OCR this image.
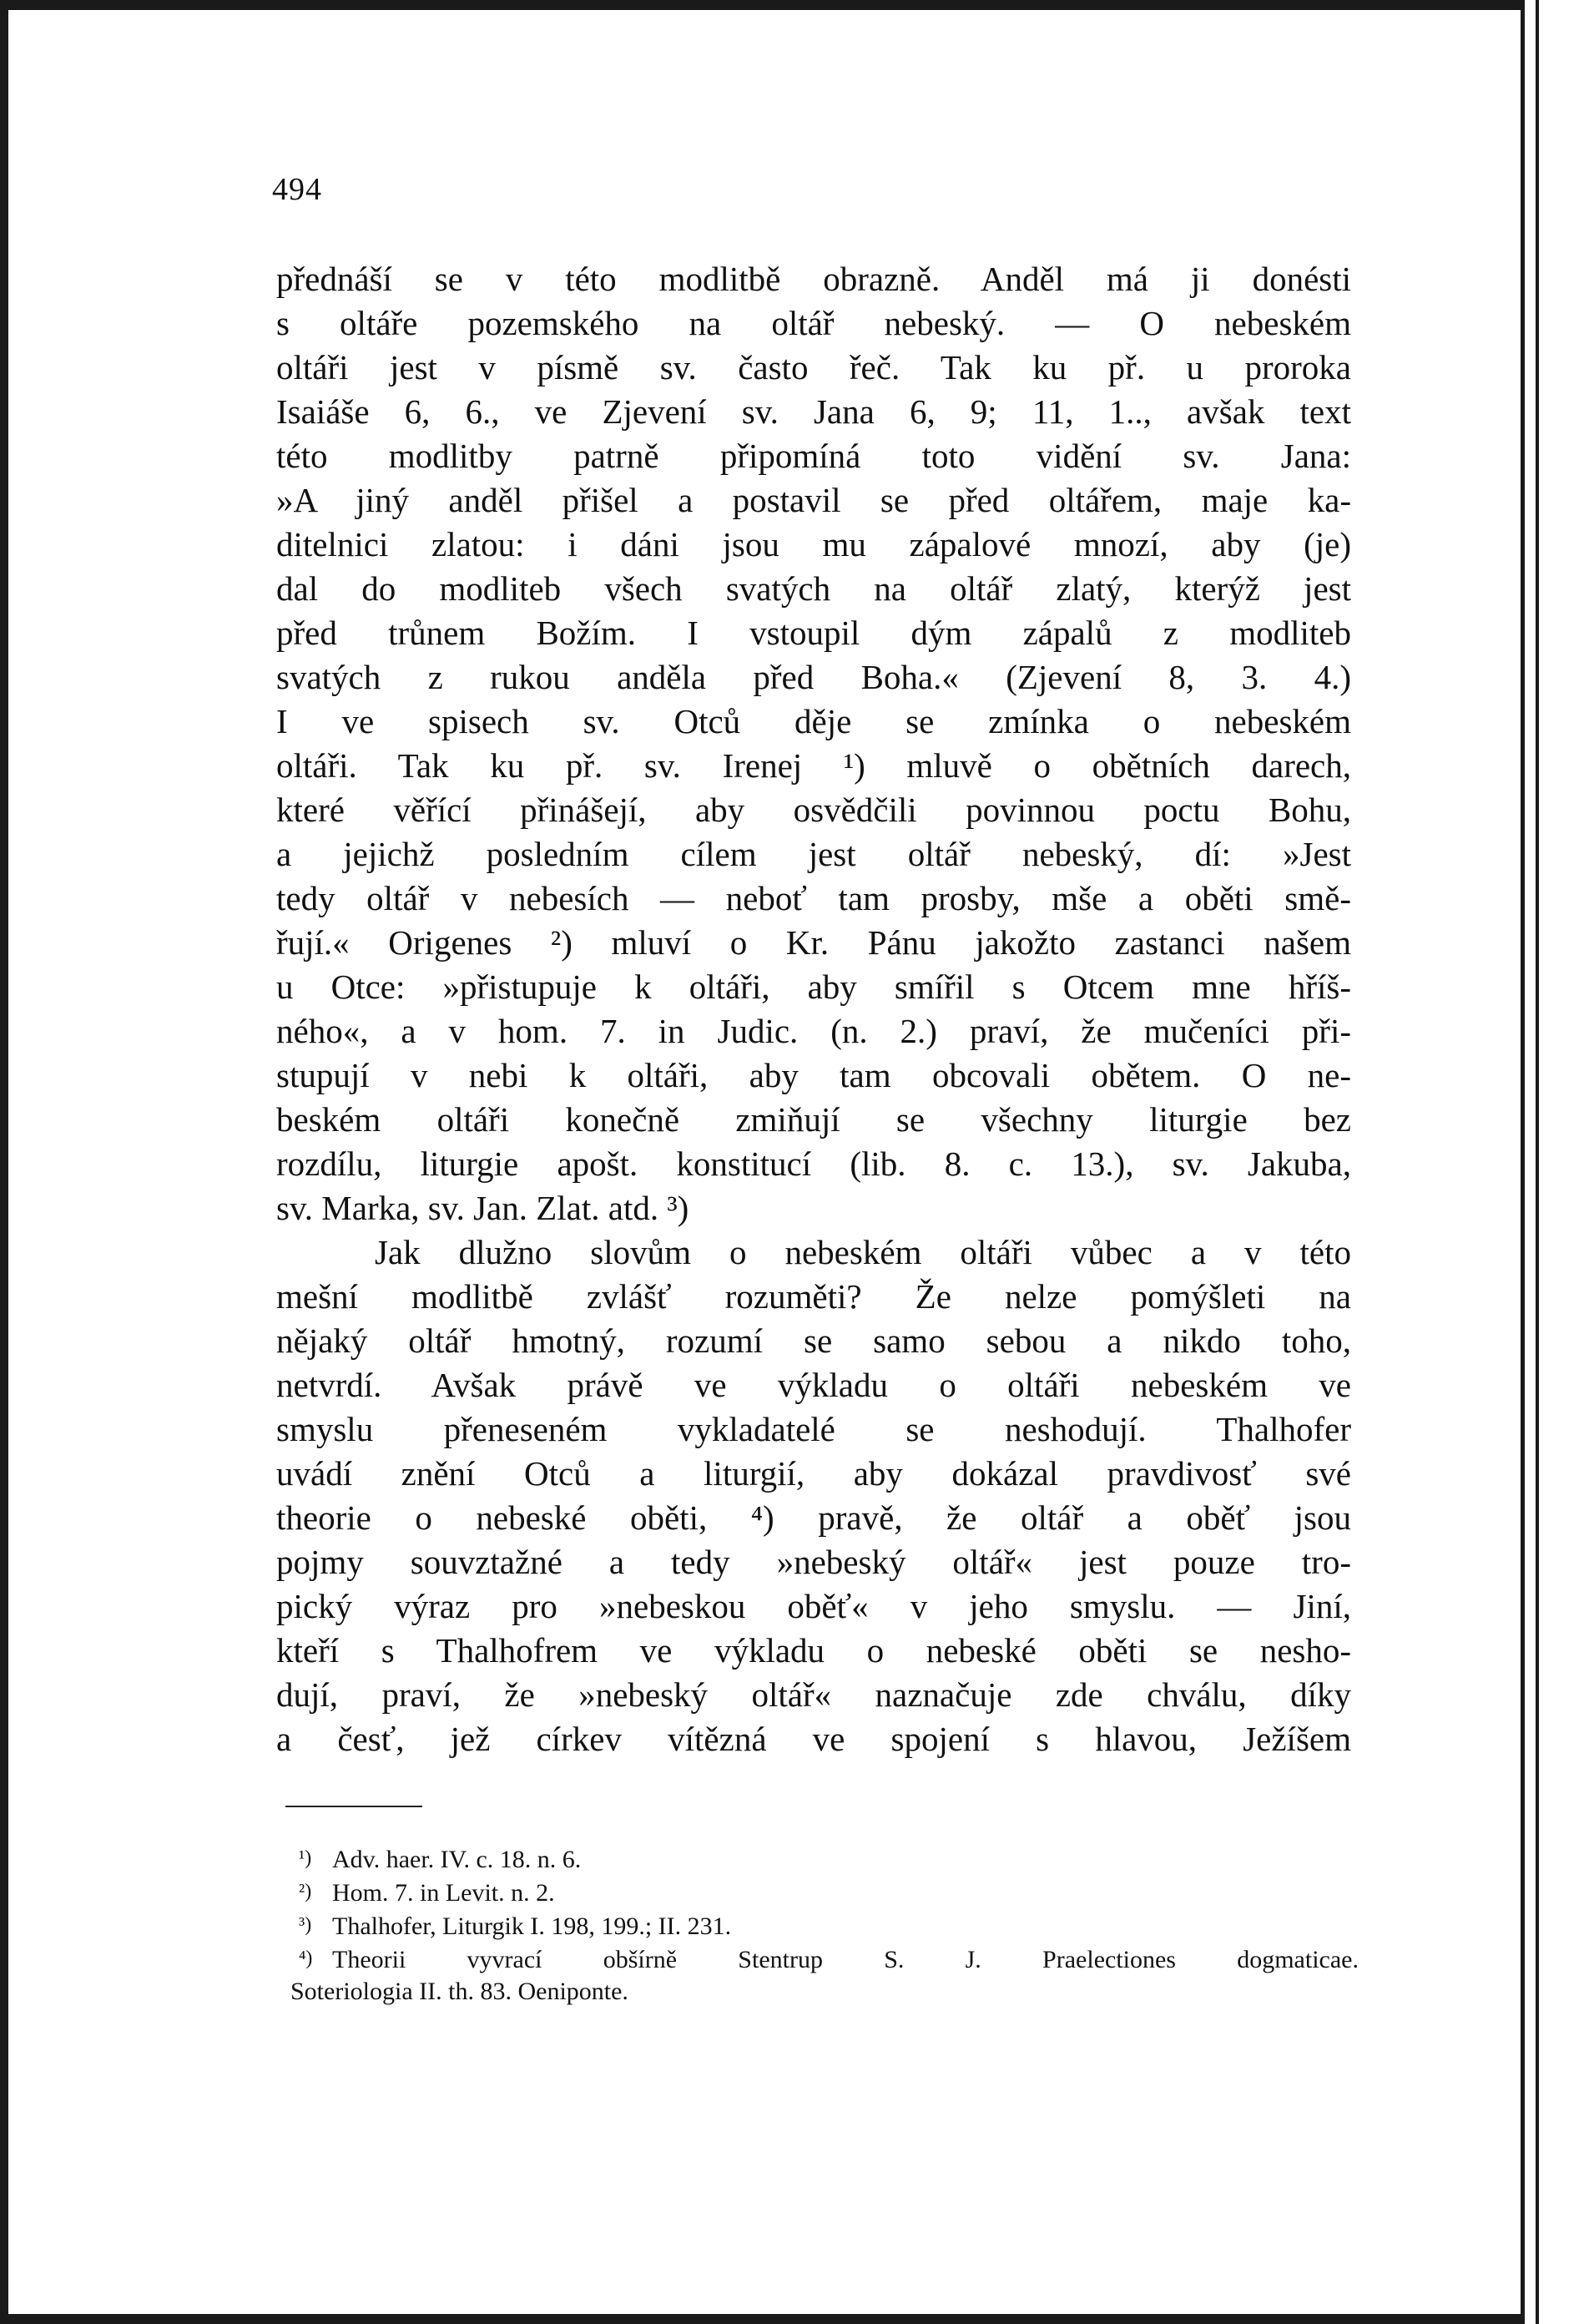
494

přednáší se v této modlitbě obrazně. Anděl má ji donésti
s oltáře pozemského na oltář nebeský. — O nebeském
oltáři jest v písmě sv. často řeč. Tak ku př. u proroka
Isaiáše 6, 6., ve Zjevení sv. Jana 6, 9; 11, 1.., avšak text
této modlitby patrně připomíná toto vidění sv. Jana:
»A jiný anděl přišel a postavil se před oltářem, maje ka-
ditelnici zlatou: i dáni jsou mu zápalové mnozí, aby (je)
dal do modliteb všech svatých na oltář zlatý, kterýž jest
před trůnem Božím. I vstoupil dým zápalů z modliteb
svatých z rukou anděla před Boha.« (Zjevení 8, 3. 4.)
I ve spisech sv. Otců děje se zmínka o nebeském
oltáři. Tak ku př. sv. Irenej ¹) mluvě o obětních darech,
které věřící přinášejí, aby osvědčili povinnou poctu Bohu,
a jejichž posledním cílem jest oltář nebeský, dí: »Jest
tedy oltář v nebesích — neboť tam prosby, mše a oběti smě-
řují.« Origenes ²) mluví o Kr. Pánu jakožto zastanci našem
u Otce: »přistupuje k oltáři, aby smířil s Otcem mne hříš-
ného«, a v hom. 7. in Judic. (n. 2.) praví, že mučeníci při-
stupují v nebi k oltáři, aby tam obcovali obětem. O ne-
beském oltáři konečně zmiňují se všechny liturgie bez
rozdílu, liturgie apošt. konstitucí (lib. 8. c. 13.), sv. Jakuba,
sv. Marka, sv. Jan. Zlat. atd. ³)
Jak dlužno slovům o nebeském oltáři vůbec a v této
mešní modlitbě zvlášť rozuměti? Že nelze pomýšleti na
nějaký oltář hmotný, rozumí se samo sebou a nikdo toho,
netvrdí. Avšak právě ve výkladu o oltáři nebeském ve
smyslu přeneseném vykladatelé se neshodují. Thalhofer
uvádí znění Otců a liturgií, aby dokázal pravdivosť své
theorie o nebeské oběti, ⁴) pravě, že oltář a oběť jsou
pojmy souvztažné a tedy »nebeský oltář« jest pouze tro-
pický výraz pro »nebeskou oběť« v jeho smyslu. — Jiní,
kteří s Thalhofrem ve výkladu o nebeské oběti se nesho-
dují, praví, že »nebeský oltář« naznačuje zde chválu, díky
a česť, jež církev vítězná ve spojení s hlavou, Ježíšem
¹) Adv. haer. IV. c. 18. n. 6.
²) Hom. 7. in Levit. n. 2.
³) Thalhofer, Liturgik I. 198, 199.; II. 231.
⁴) Theorii vyvrací obšírně Stentrup S. J. Praelectiones dogmaticae.
Soteriologia II. th. 83. Oeniponte.
